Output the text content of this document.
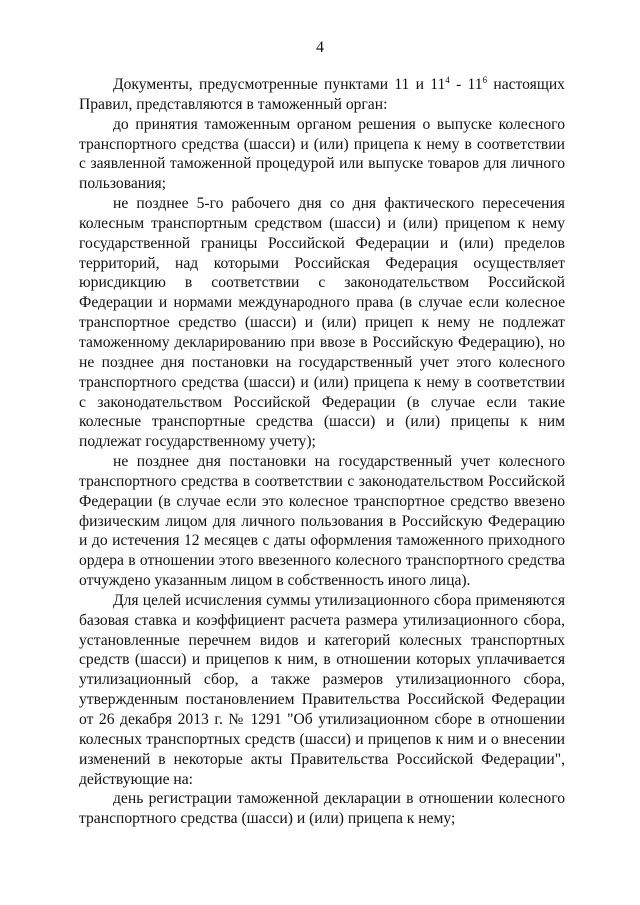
4

Документы, предусмотренные пунктами 11 и $11^4 - 11^6$ настоящих Правил, представляются в таможенный орган:

до принятия таможенным органом решения о выпуске колесного транспортного средства (шасси) и (или) прицепа к нему в соответствии с заявленной таможенной процедурой или выпуске товаров для личного пользования;

не позднее 5-го рабочего дня со дня фактического пересечения колесным транспортным средством (шасси) и (или) прицепом к нему государственной границы Российской Федерации и (или) пределов территорий, над которыми Российская Федерация осуществляет юрисдикцию в соответствии с законодательством Российской Федерации и нормами международного права (в случае если колесное транспортное средство (шасси) и (или) прицеп к нему не подлежат таможенному декларированию при ввозе в Российскую Федерацию), но не позднее дня постановки на государственный учет этого колесного транспортного средства (шасси) и (или) прицепа к нему в соответствии с законодательством Российской Федерации (в случае если такие колесные транспортные средства (шасси) и (или) прицепы к ним подлежат государственному учету);

не позднее дня постановки на государственный учет колесного транспортного средства в соответствии с законодательством Российской Федерации (в случае если это колесное транспортное средство ввезено физическим лицом для личного пользования в Российскую Федерацию и до истечения 12 месяцев с даты оформления таможенного приходного ордера в отношении этого ввезенного колесного транспортного средства отчуждено указанным лицом в собственность иного лица).

Для целей исчисления суммы утилизационного сбора применяются базовая ставка и коэффициент расчета размера утилизационного сбора, установленные перечнем видов и категорий колесных транспортных средств (шасси) и прицепов к ним, в отношении которых уплачивается утилизационный сбор, а также размеров утилизационного сбора, утвержденным постановлением Правительства Российской Федерации от 26 декабря 2013 г. № 1291 "Об утилизационном сборе в отношении колесных транспортных средств (шасси) и прицепов к ним и о внесении изменений в некоторые акты Правительства Российской Федерации", действующие на:

день регистрации таможенной декларации в отношении колесного транспортного средства (шасси) и (или) прицепа к нему;
